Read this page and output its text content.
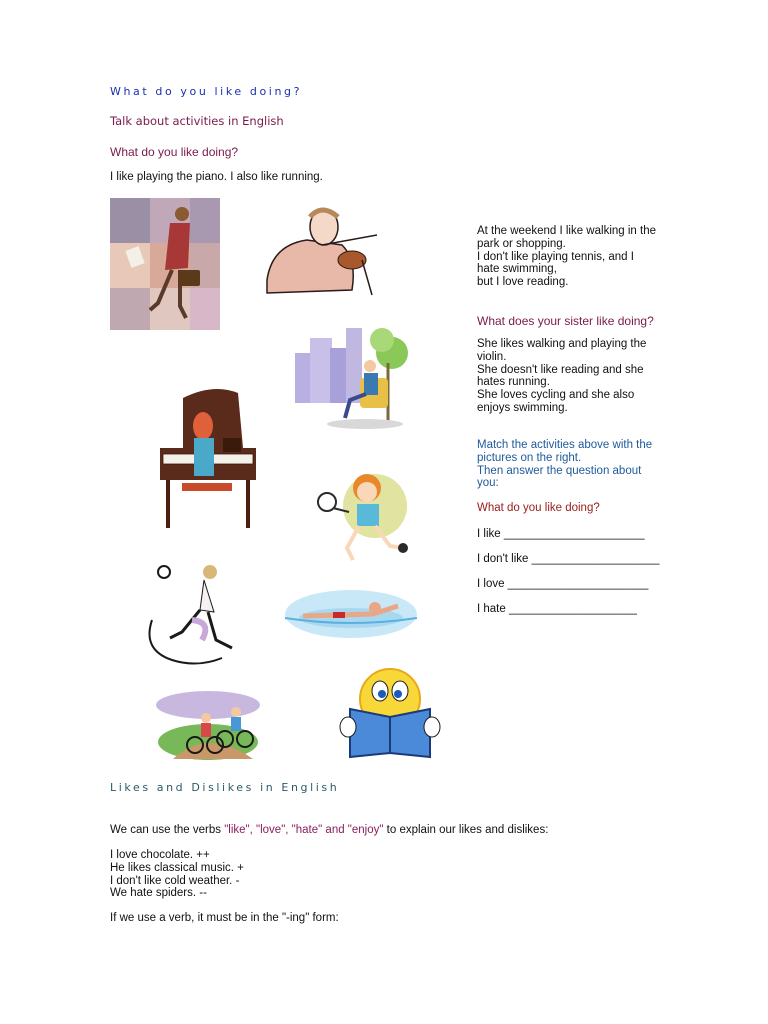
What do you like doing?
Talk about activities in English
What do you like doing?
I like playing the piano. I also like running.
At the weekend I like walking in the
park or shopping.
I don't like playing tennis, and I
hate swimming,
but I love reading.
What does your sister like doing?
She likes walking and playing the
violin.
She doesn't like reading and she
hates running.
She loves cycling and she also
enjoys swimming.
Match the activities above with the
pictures on the right.
Then answer the question about
you:
What do you like doing?
I like ______________________
I don't like ____________________
I love ______________________
I hate ____________________
Likes and Dislikes in English
We can use the verbs "like", "love", "hate" and "enjoy" to explain our likes and dislikes:
I love chocolate. ++
He likes classical music. +
I don't like cold weather. -
We hate spiders. --
If we use a verb, it must be in the "-ing" form:
